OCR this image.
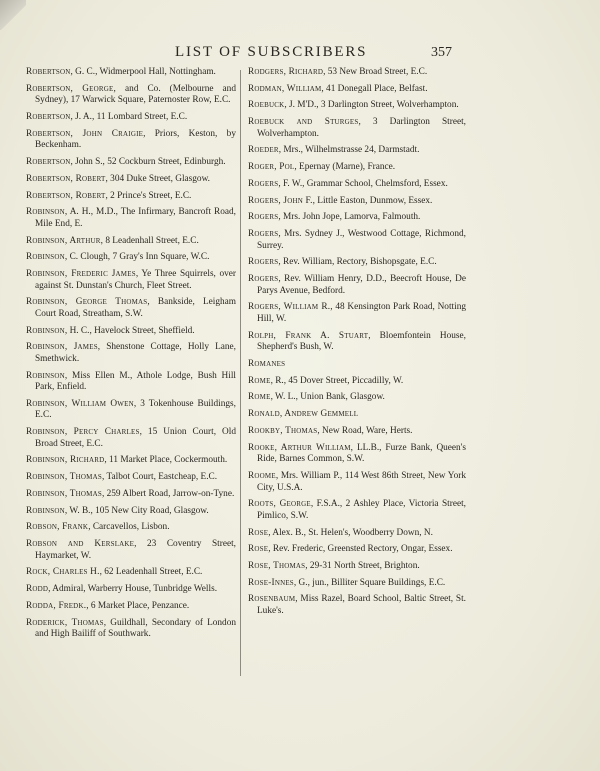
LIST OF SUBSCRIBERS	357

Robertson, G. C., Widmerpool Hall, Nottingham.

Robertson, George, and Co. (Melbourne and Sydney), 17 Warwick Square, Paternoster Row, E.C.

Robertson, J. A., 11 Lombard Street, E.C.

Robertson, John Craigie, Priors, Keston, by Beckenham.

Robertson, John S., 52 Cockburn Street, Edinburgh.

Robertson, Robert, 304 Duke Street, Glasgow.

Robertson, Robert, 2 Prince's Street, E.C.

Robinson, A. H., M.D., The Infirmary, Bancroft Road, Mile End, E.

Robinson, Arthur, 8 Leadenhall Street, E.C.

Robinson, C. Clough, 7 Gray's Inn Square, W.C.

Robinson, Frederic James, Ye Three Squirrels, over against St. Dunstan's Church, Fleet Street.

Robinson, George Thomas, Bankside, Leigham Court Road, Streatham, S.W.

Robinson, H. C., Havelock Street, Sheffield.

Robinson, James, Shenstone Cottage, Holly Lane, Smethwick.

Robinson, Miss Ellen M., Athole Lodge, Bush Hill Park, Enfield.

Robinson, William Owen, 3 Tokenhouse Buildings, E.C.

Robinson, Percy Charles, 15 Union Court, Old Broad Street, E.C.

Robinson, Richard, 11 Market Place, Cockermouth.

Robinson, Thomas, Talbot Court, Eastcheap, E.C.

Robinson, Thomas, 259 Albert Road, Jarrow-on-Tyne.

Robinson, W. B., 105 New City Road, Glasgow.

Robson, Frank, Carcavellos, Lisbon.

Robson and Kerslake, 23 Coventry Street, Haymarket, W.

Rock, Charles H., 62 Leadenhall Street, E.C.

Rodd, Admiral, Warberry House, Tunbridge Wells.

Rodda, Fredk., 6 Market Place, Penzance.

Roderick, Thomas, Guildhall, Secondary of London and High Bailiff of Southwark.

Rodgers, Richard, 53 New Broad Street, E.C.

Rodman, William, 41 Donegall Place, Belfast.

Roebuck, J. M'D., 3 Darlington Street, Wolverhampton.

Roebuck and Sturges, 3 Darlington Street, Wolverhampton.

Roeder, Mrs., Wilhelmstrasse 24, Darmstadt.

Roger, Pol, Epernay (Marne), France.

Rogers, F. W., Grammar School, Chelmsford, Essex.

Rogers, John F., Little Easton, Dunmow, Essex.

Rogers, Mrs. John Jope, Lamorva, Falmouth.

Rogers, Mrs. Sydney J., Westwood Cottage, Richmond, Surrey.

Rogers, Rev. William, Rectory, Bishopsgate, E.C.

Rogers, Rev. William Henry, D.D., Beecroft House, De Parys Avenue, Bedford.

Rogers, William R., 48 Kensington Park Road, Notting Hill, W.

Rolph, Frank A. Stuart, Bloemfontein House, Shepherd's Bush, W.

Romanes

Rome, R., 45 Dover Street, Piccadilly, W.

Rome, W. L., Union Bank, Glasgow.

Ronald, Andrew Gemmell

Rookby, Thomas, New Road, Ware, Herts.

Rooke, Arthur William, LL.B., Furze Bank, Queen's Ride, Barnes Common, S.W.

Roome, Mrs. William P., 114 West 86th Street, New York City, U.S.A.

Roots, George, F.S.A., 2 Ashley Place, Victoria Street, Pimlico, S.W.

Rose, Alex. B., St. Helen's, Woodberry Down, N.

Rose, Rev. Frederic, Greensted Rectory, Ongar, Essex.

Rose, Thomas, 29-31 North Street, Brighton.

Rose-Innes, G., jun., Billiter Square Buildings, E.C.

Rosenbaum, Miss Razel, Board School, Baltic Street, St. Luke's.
